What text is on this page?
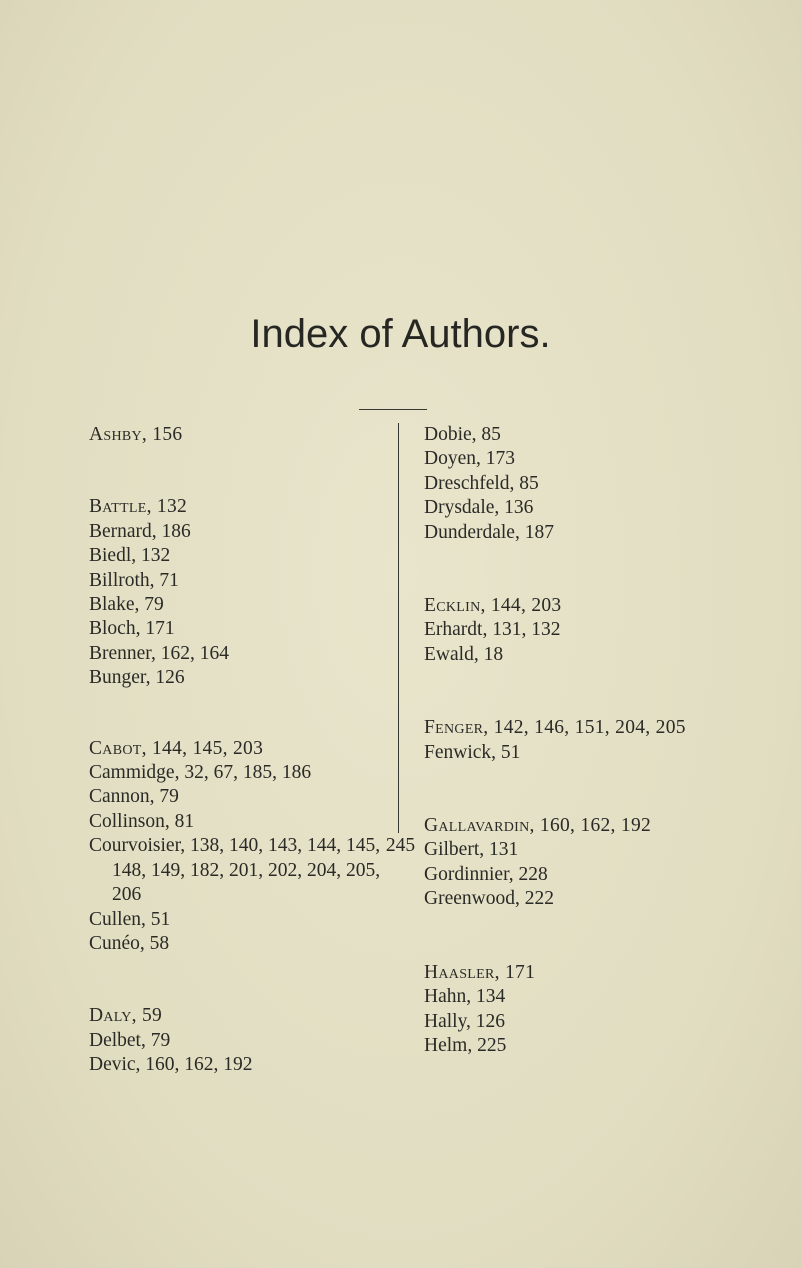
Index of Authors.

Ashby, 156

Battle, 132

Bernard, 186

Biedl, 132

Billroth, 71

Blake, 79

Bloch, 171

Brenner, 162, 164

Bunger, 126

Cabot, 144, 145, 203

Cammidge, 32, 67, 185, 186

Cannon, 79

Collinson, 81

Courvoisier, 138, 140, 143, 144, 145, 148, 149, 182, 201, 202, 204, 205, 206

Cullen, 51

Cunéo, 58

Daly, 59

Delbet, 79

Devic, 160, 162, 192

Dobie, 85

Doyen, 173

Dreschfeld, 85

Drysdale, 136

Dunderdale, 187

Ecklin, 144, 203

Erhardt, 131, 132

Ewald, 18

Fenger, 142, 146, 151, 204, 205

Fenwick, 51

Gallavardin, 160, 162, 192

Gilbert, 131

Gordinnier, 228

Greenwood, 222

Haasler, 171

Hahn, 134

Hally, 126

Helm, 225

245
